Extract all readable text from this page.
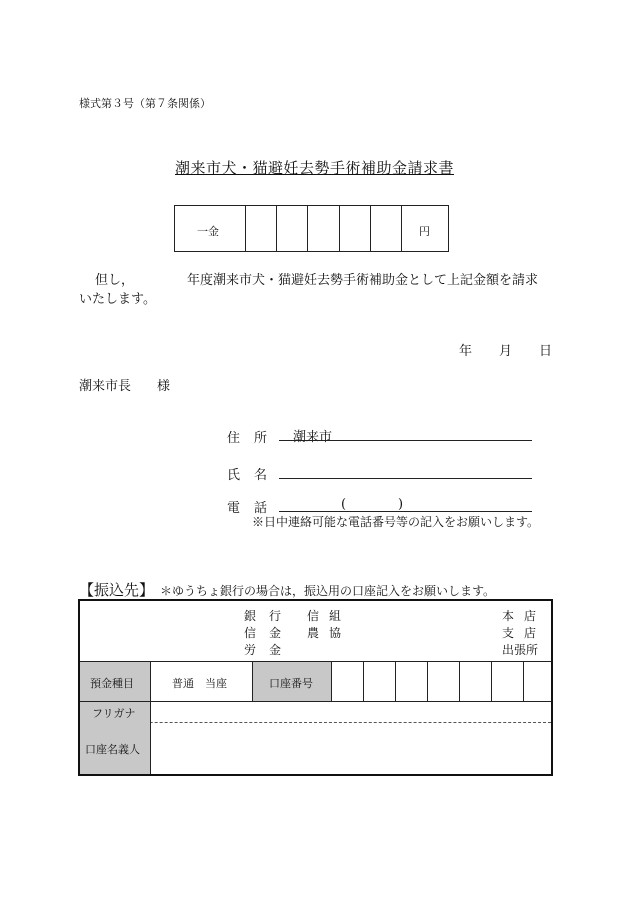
様式第３号（第７条関係）
潮来市犬・猫避妊去勢手術補助金請求書
一金	円
但し，	年度潮来市犬・猫避妊去勢手術補助金として上記金額を請求
いたします。
年 月 日
潮来市長　　様
住 所 潮来市
氏 名
電 話	(	)
※日中連絡可能な電話番号等の記入をお願いします。
【振込先】 ＊ゆうちょ銀行の場合は，振込用の口座記入をお願いします。
銀 行 信 組
信 金 農 協
労 金
本 店
支 店
出張所
預金種目	普通　当座	口座番号
フリガナ
口座名義人
